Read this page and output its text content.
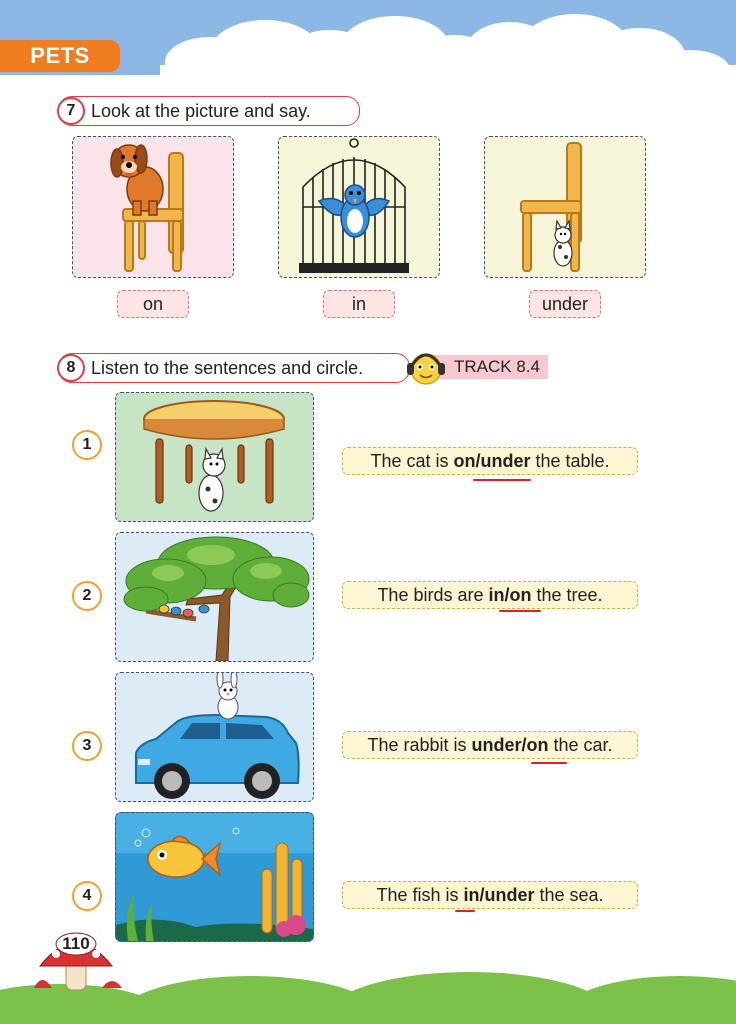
PETS
7 Look at the picture and say.
on	in	under
TRACK 8.4
8 Listen to the sentences and circle.
1
The cat is on/under the table.
2	The birds are in/on the tree.
3	The rabbit is under/on the car.
4	The fish is in/under the sea.
110
